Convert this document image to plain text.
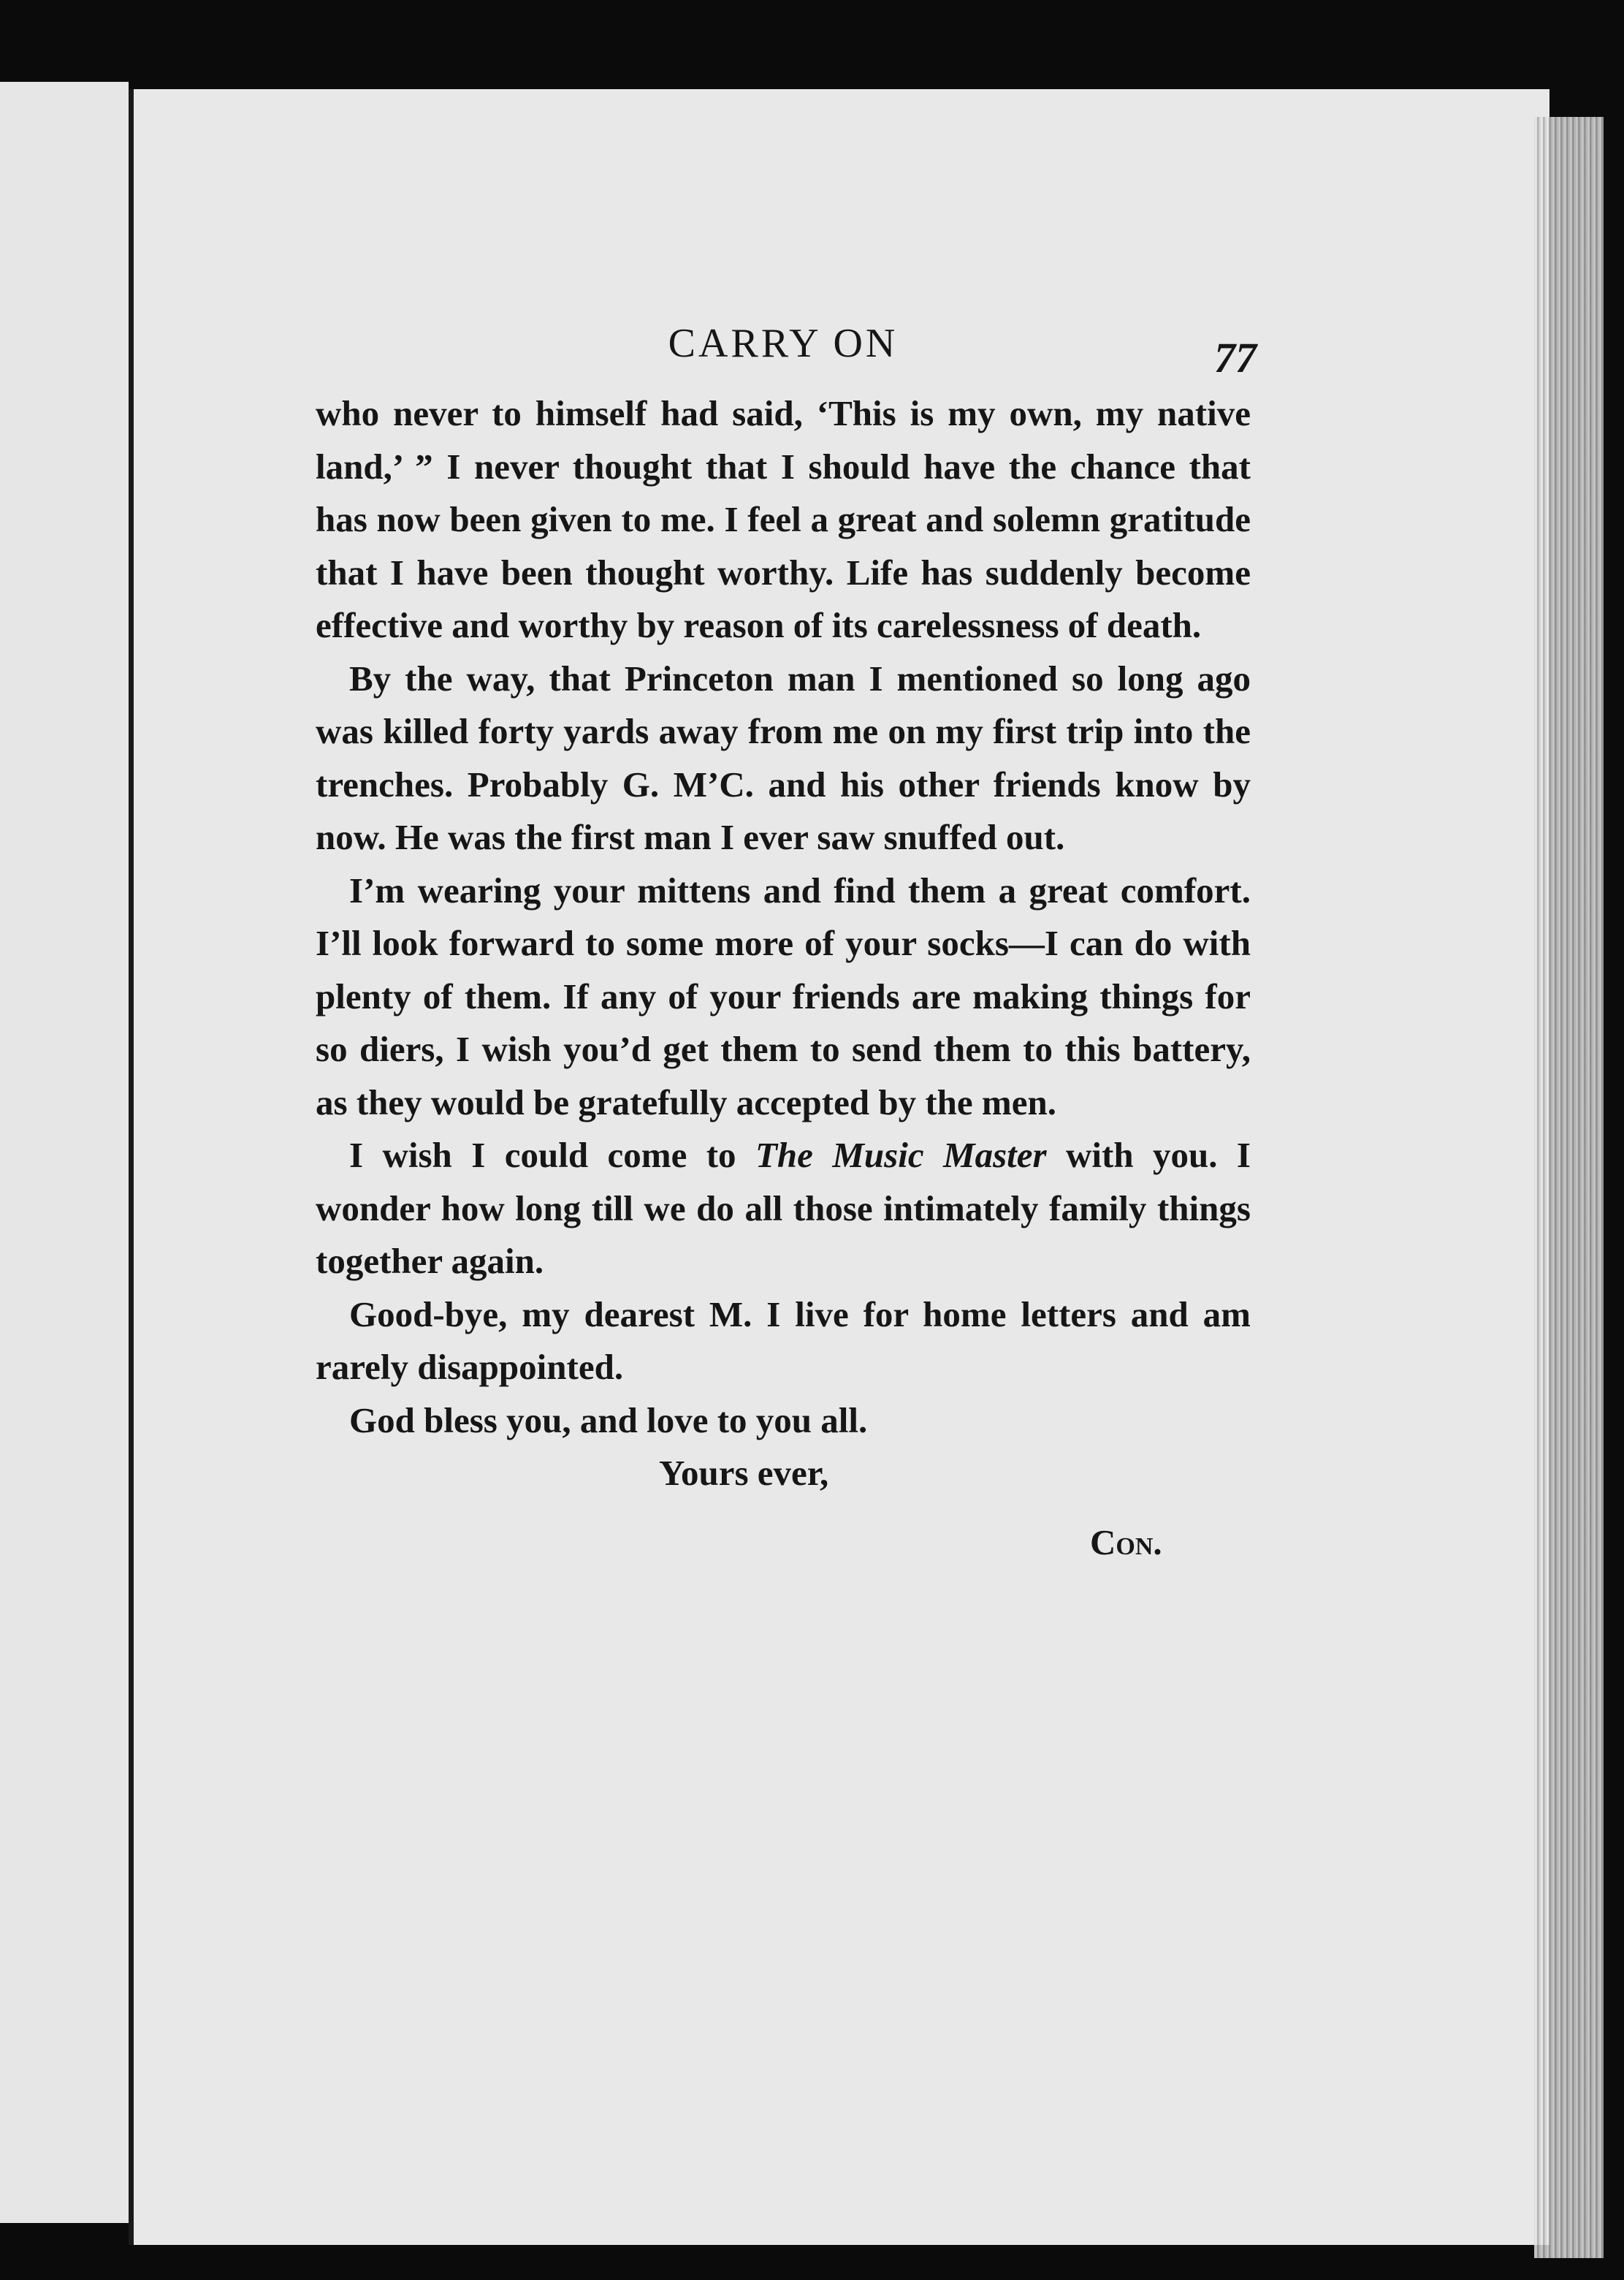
CARRY ON	77

who never to himself had said, ‘This is my own, my native land,’ ” I never thought that I should have the chance that has now been given to me. I feel a great and solemn gratitude that I have been thought worthy. Life has suddenly become effective and worthy by reason of its carelessness of death.

By the way, that Princeton man I mentioned so long ago was killed forty yards away from me on my first trip into the trenches. Probably G. M’C. and his other friends know by now. He was the first man I ever saw snuffed out.

I’m wearing your mittens and find them a great comfort. I’ll look forward to some more of your socks—I can do with plenty of them. If any of your friends are making things for so diers, I wish you’d get them to send them to this battery, as they would be gratefully accepted by the men.

I wish I could come to The Music Master with you. I wonder how long till we do all those intimately family things together again.

Good-bye, my dearest M. I live for home letters and am rarely disappointed.

God bless you, and love to you all.

Yours ever,

Con.
